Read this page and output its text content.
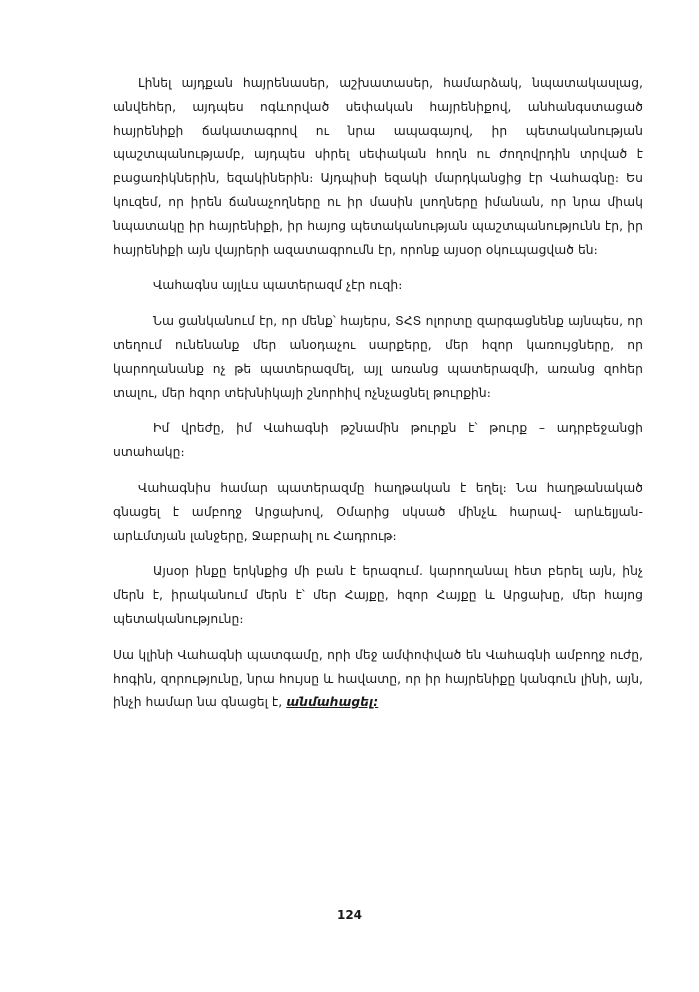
Լինել այդքան հայրենասեր, աշխատասեր, համարձակ, նպատակասլաց, անվեհեր, այդպես ոգևորված սեփական հայրենիքով, անհանգստացած հայրենիքի ճակատագրով ու նրա ապագայով, իր պետականության պաշտպանությամբ, այդպես սիրել սեփական հողն ու ժողովրդին տրված է բացառիկներին, եզակիներին։ Այդպիսի եզակի մարդկանցից էր Վահագնը։ Ես կուզեմ, որ իրեն ճանաչողները ու իր մասին լսողները իմանան, որ նրա միակ նպատակը իր հայրենիքի, իր հայոց պետականության պաշտպանությունն էր, իր հայրենիքի այն վայրերի ազատագրումն էր, որոնք այսօր օկուպացված են։

Վահագնս այլևս պատերազմ չէր ուզի։

Նա ցանկանում էր, որ մենք՝ հայերս, ՏՀՏ ոլորտը զարգացնենք այնպես, որ տեղում ունենանք մեր անօդաչու սարքերը, մեր հզոր կառույցները, որ կարողանանք ոչ թե պատերազմել, այլ առանց պատերազմի, առանց զոհեր տալու, մեր հզոր տեխնիկայի շնորհիվ ոչնչացնել թուրքին։

Իմ վրեժը, իմ Վահագնի թշնամին թուրքն է՝ թուրք – ադրբեջանցի ստահակը։

Վահագնիս համար պատերազմը հաղթական է եղել։ Նա հաղթանակած գնացել է ամբողջ Արցախով, Օմարից սկսած մինչև հարավ- արևելյան-արևմտյան լանջերը, Ջաբրաիլ ու Հադրութ։

Այսօր ինքը երկնքից մի բան է երազում. կարողանալ հետ բերել այն, ինչ մերն է, իրականում մերն է՝ մեր Հայքը, հզոր Հայքը և Արցախը, մեր հայոց պետականությունը։

Սա կլինի Վահագնի պատգամը, որի մեջ ամփոփված են Վահագնի ամբողջ ուժը, հոգին, զորությունը, նրա հույսը և հավատը, որ իր հայրենիքը կանգուն լինի, այն, ինչի համար նա գնացել է, անմահացել։

124
